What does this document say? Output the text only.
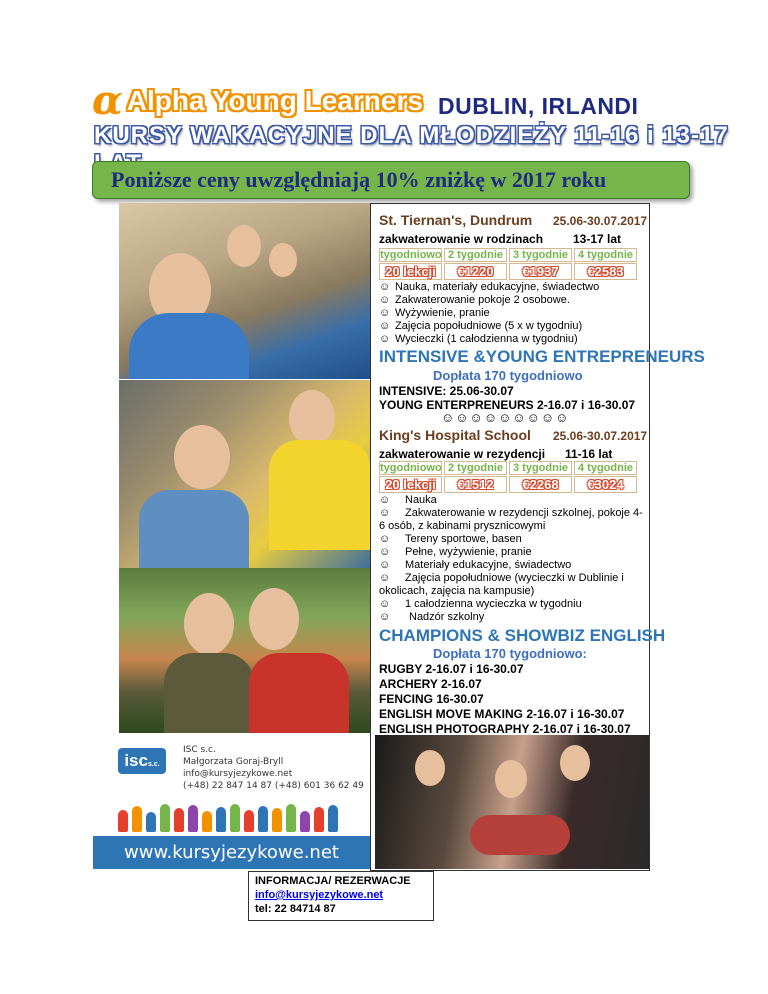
α Alpha Young Learners DUBLIN, IRLANDI
KURSY WAKACYJNE DLA MŁODZIEŻY 11-16 i 13-17
Poniższe ceny uwzględniają 10% zniżkę w 2017 roku
St. Tiernan's, Dundrum 25.06-30.07.2017
zakwaterowanie w rodzinach 13-17 lat
tygodniowo 2 tygodnie 3 tygodnie 4 tygodnie
20 lekcji	€1220	€1937	€2583
☺ Nauka, materiały edukacyjne, świadectwo
☺ Zakwaterowanie pokoje 2 osobowe.
☺ Wyżywienie, pranie
☺ Zajęcia popołudniowe (5 x w tygodniu)
☺ Wycieczki (1 całodzienna w tygodniu)
INTENSIVE &YOUNG ENTREPRENEURS
Dopłata 170 tygodniowo
INTENSIVE: 25.06-30.07
YOUNG ENTERPRENEURS 2-16.07 i 16-30.07
☺☺☺☺☺☺☺☺☺
King's Hospital School 25.06-30.07.2017
zakwaterowanie w rezydencji 11-16 lat
tygodniowo 2 tygodnie 3 tygodnie 4 tygodnie
20 lekcji	€1512	€2268	€3024
☺ Nauka
☺ Zakwaterowanie w rezydencji szkolnej, pokoje 4-6 osób, z kabinami prysznicowymi
☺ Tereny sportowe, basen
☺ Pełne, wyżywienie, pranie
☺ Materiały edukacyjne, świadectwo
☺ Zajęcia popołudniowe (wycieczki w Dublinie i okolicach, zajęcia na kampusie)
☺ 1 całodzienna wycieczka w tygodniu
☺ Nadzór szkolny
CHAMPIONS & SHOWBIZ ENGLISH
Dopłata 170 tygodniowo:
RUGBY 2-16.07 i 16-30.07
ARCHERY 2-16.07
FENCING 16-30.07
ENGLISH MOVE MAKING 2-16.07 i 16-30.07
ENGLISH PHOTOGRAPHY 2-16.07 i 16-30.07
iscs.c.
ISC s.c.
Małgorzata Goraj-Bryll
info@kursyjezykowe.net
(+48) 22 847 14 87 (+48) 601 36 62 49
www.kursyjezykowe.net
INFORMACJA/ REZERWACJE
info@kursyjezykowe.net
tel: 22 84714 87
